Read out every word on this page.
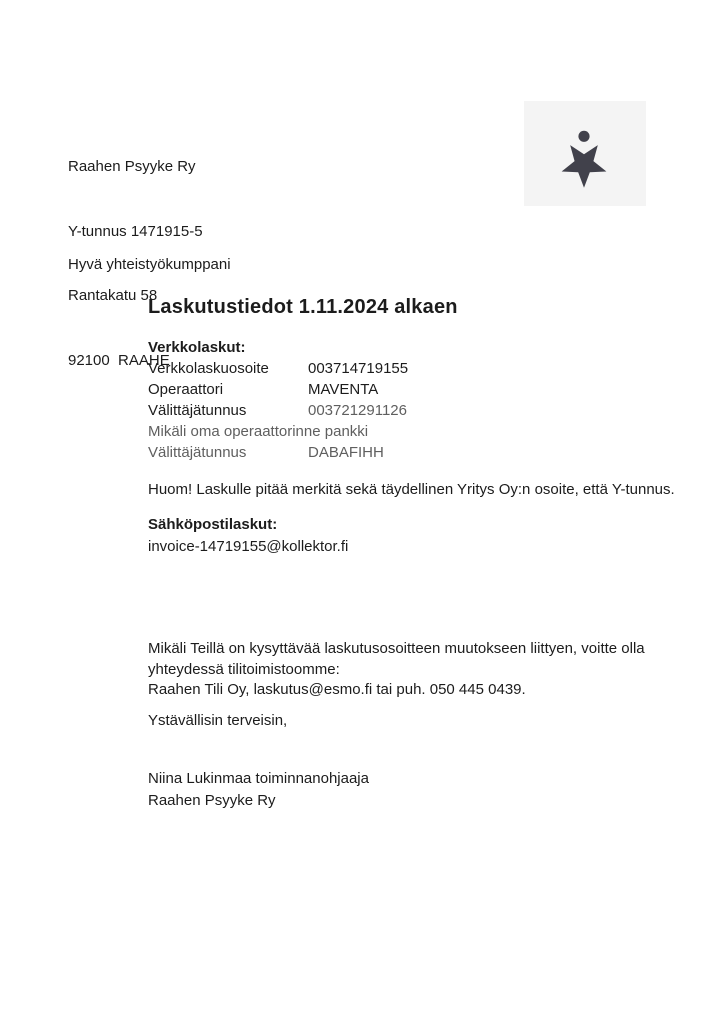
Raahen Psyyke Ry

Y-tunnus 1471915-5

Rantakatu 58

92100  RAAHE

Hyvä yhteistyökumppani
Laskutustiedot 1.11.2024 alkaen
Verkkolaskut:
Verkkolaskuosoite	003714719155
Operaattori	MAVENTA
Välittäjätunnus	003721291126
Mikäli oma operaattorinne pankki
Välittäjätunnus	DABAFIHH
Huom! Laskulle pitää merkitä sekä täydellinen Yritys Oy:n osoite, että Y-tunnus.
Sähköpostilaskut:
invoice-14719155@kollektor.fi
Mikäli Teillä on kysyttävää laskutusosoitteen muutokseen liittyen, voitte olla
yhteydessä tilitoimistoomme:
Raahen Tili Oy, laskutus@esmo.fi tai puh. 050 445 0439.
Ystävällisin terveisin,
Niina Lukinmaa toiminnanohjaaja
Raahen Psyyke Ry
